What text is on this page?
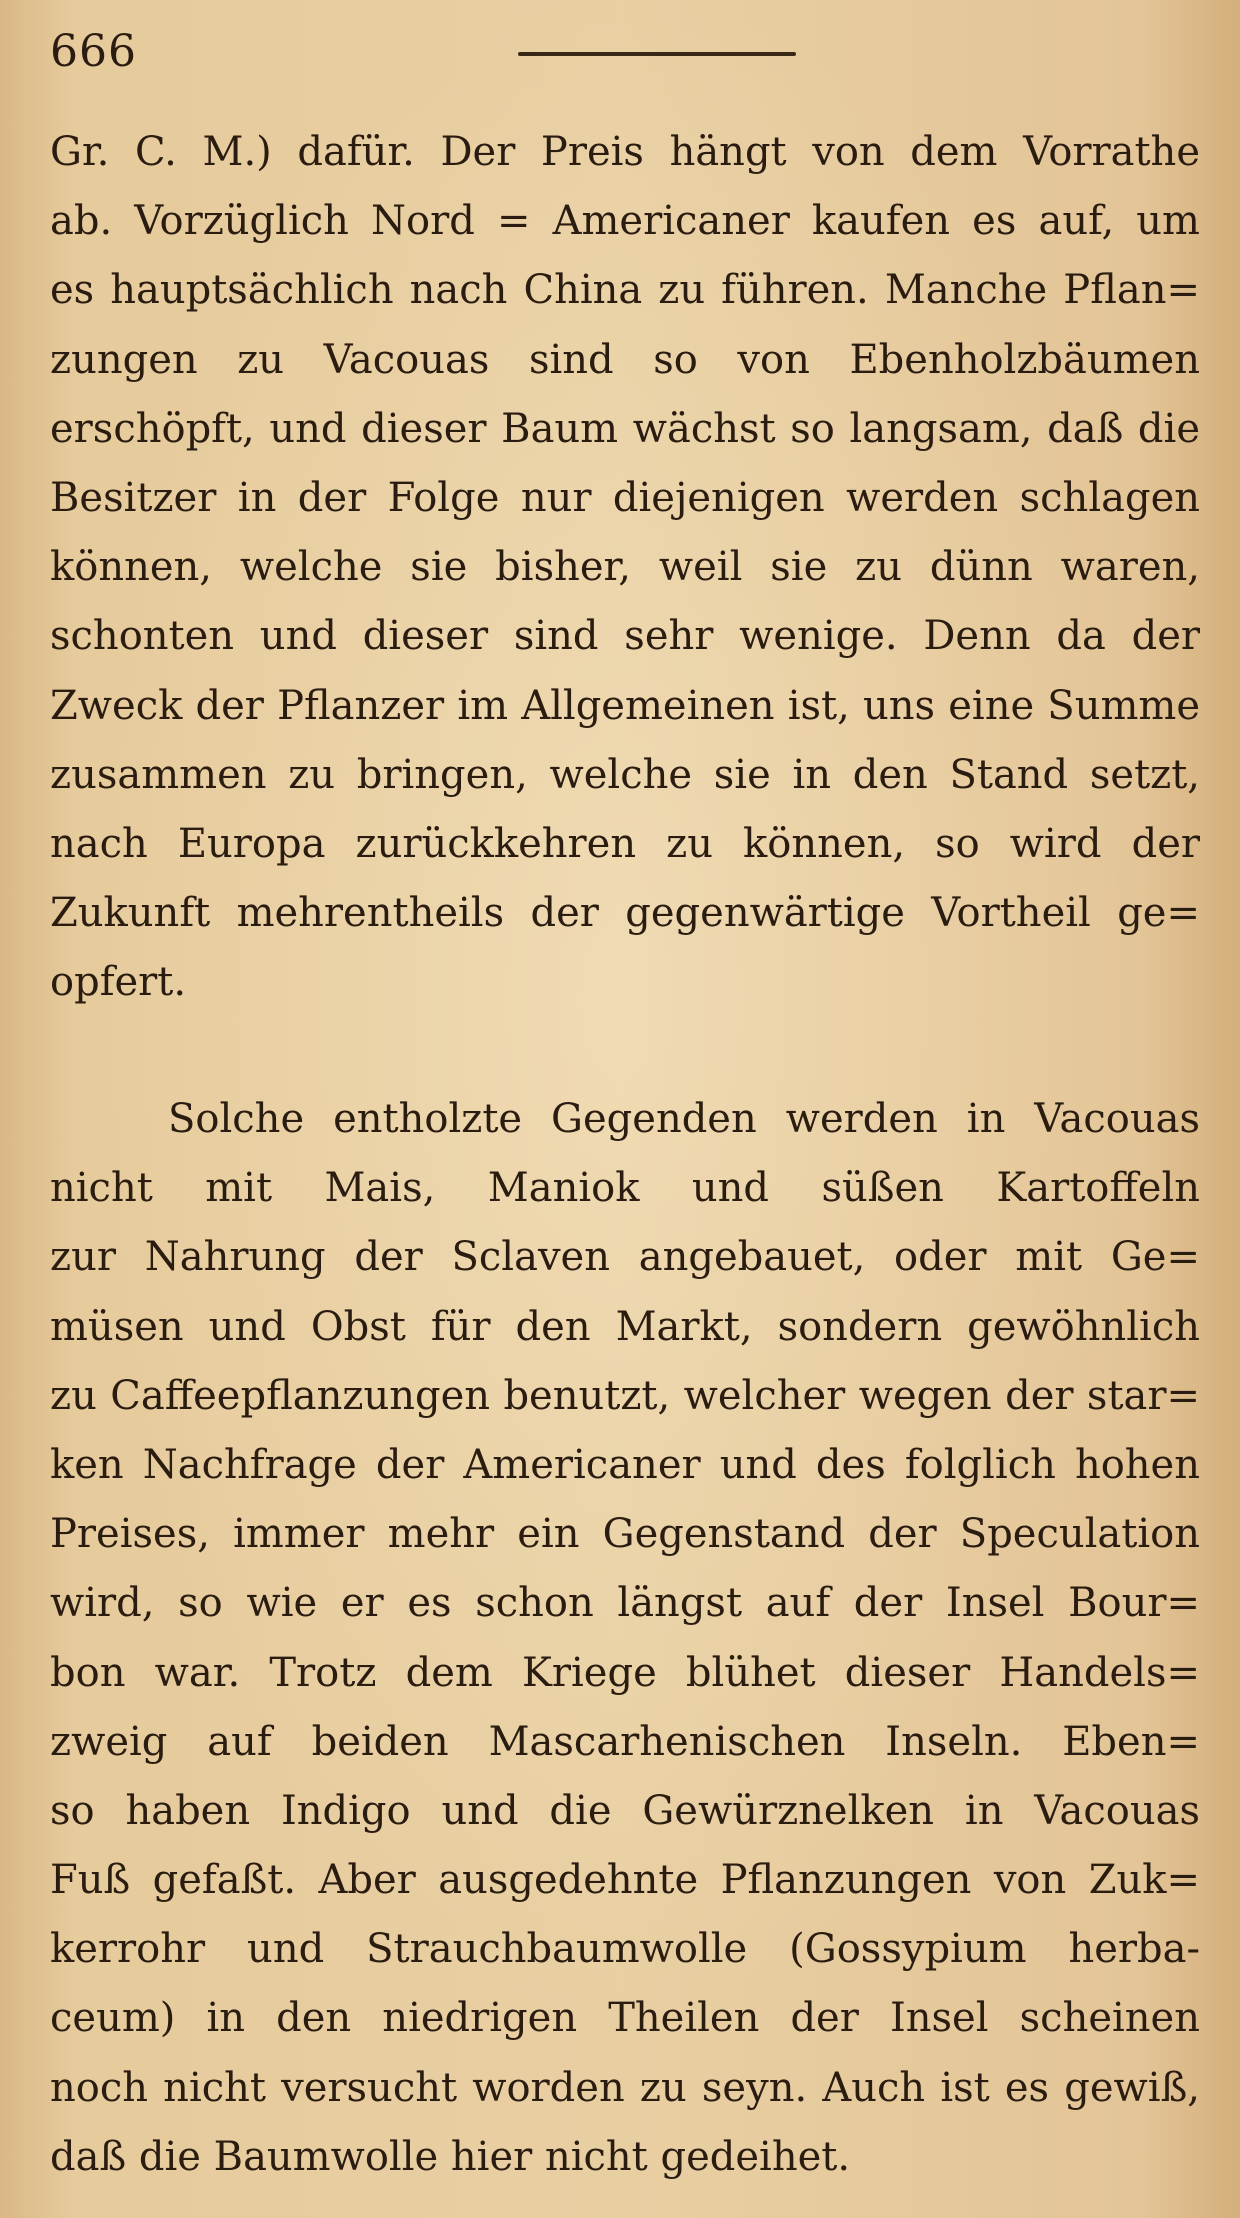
666
Gr. C. M.) dafür. Der Preis hängt von dem Vorrathe
ab. Vorzüglich Nord = Americaner kaufen es auf, um
es hauptsächlich nach China zu führen. Manche Pflan=
zungen zu Vacouas sind so von Ebenholzbäumen
erschöpft, und dieser Baum wächst so langsam, daß die
Besitzer in der Folge nur diejenigen werden schlagen
können, welche sie bisher, weil sie zu dünn waren,
schonten und dieser sind sehr wenige. Denn da der
Zweck der Pflanzer im Allgemeinen ist, uns eine Summe
zusammen zu bringen, welche sie in den Stand setzt,
nach Europa zurückkehren zu können, so wird der
Zukunft mehrentheils der gegenwärtige Vortheil ge=
opfert.
Solche entholzte Gegenden werden in Vacouas
nicht mit Mais, Maniok und süßen Kartoffeln
zur Nahrung der Sclaven angebauet, oder mit Ge=
müsen und Obst für den Markt, sondern gewöhnlich
zu Caffeepflanzungen benutzt, welcher wegen der star=
ken Nachfrage der Americaner und des folglich hohen
Preises, immer mehr ein Gegenstand der Speculation
wird, so wie er es schon längst auf der Insel Bour=
bon war. Trotz dem Kriege blühet dieser Handels=
zweig auf beiden Mascarhenischen Inseln. Eben=
so haben Indigo und die Gewürznelken in Vacouas
Fuß gefaßt. Aber ausgedehnte Pflanzungen von Zuk=
kerrohr und Strauchbaumwolle (Gossypium herba-
ceum) in den niedrigen Theilen der Insel scheinen
noch nicht versucht worden zu seyn. Auch ist es gewiß,
daß die Baumwolle hier nicht gedeihet.
